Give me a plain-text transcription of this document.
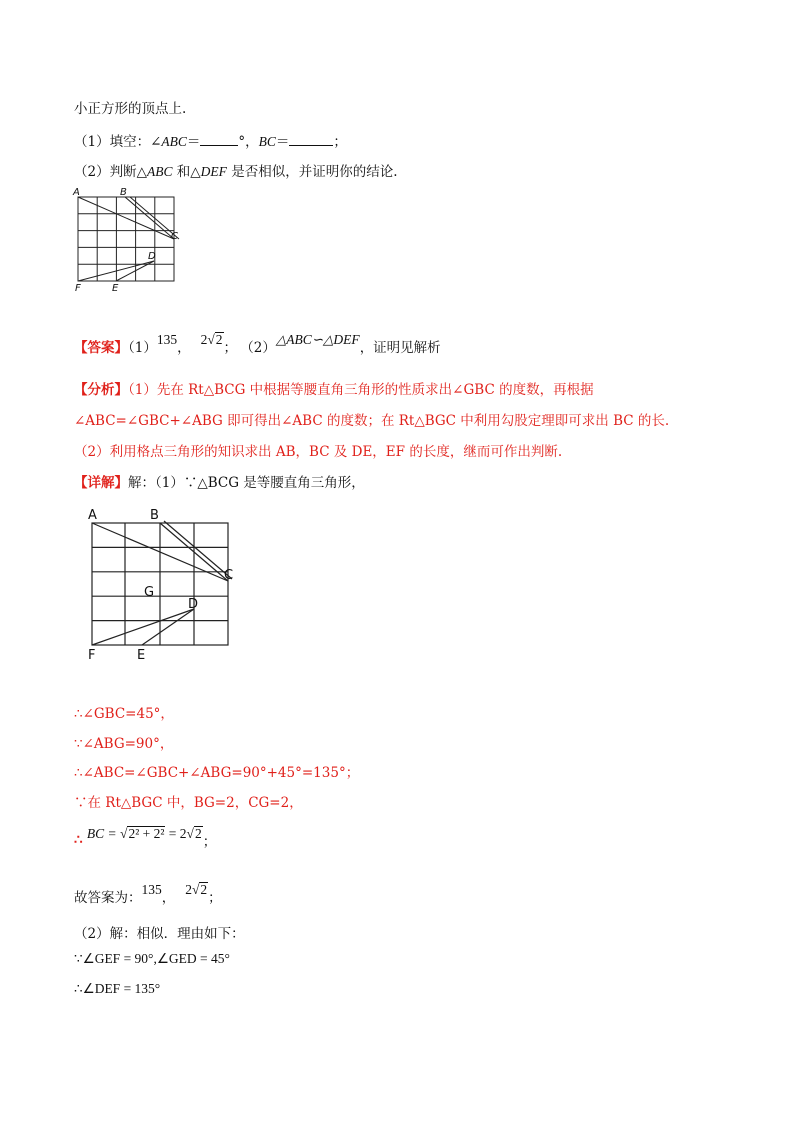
小正方形的顶点上.
（1）填空：∠ABC＝	°，BC＝	；
（2）判断△ABC 和△DEF 是否相似，并证明你的结论.
A	B
C
D
F	E
【答案】（1）135，2√2； （2）△ABC∽△DEF，证明见解析
【分析】（1）先在 Rt△BCG 中根据等腰直角三角形的性质求出∠GBC 的度数，再根据
∠ABC=∠GBC+∠ABG 即可得出∠ABC 的度数；在 Rt△BGC 中利用勾股定理即可求出 BC 的长.
（2）利用格点三角形的知识求出 AB，BC 及 DE，EF 的长度，继而可作出判断.
【详解】解：（1）∵△BCG 是等腰直角三角形，
A	B
C
D
G
F	E
∴∠GBC=45°，
∵∠ABG=90°，
∴∠ABC=∠GBC+∠ABG=90°+45°=135°；
∵在 Rt△BGC 中，BG=2，CG=2，
∴ BC = √2² + 2² = 2√2；
故答案为：135，2√2；
（2）解：相似．理由如下：
∵∠GEF = 90°,∠GED = 45°
∴∠DEF = 135°
